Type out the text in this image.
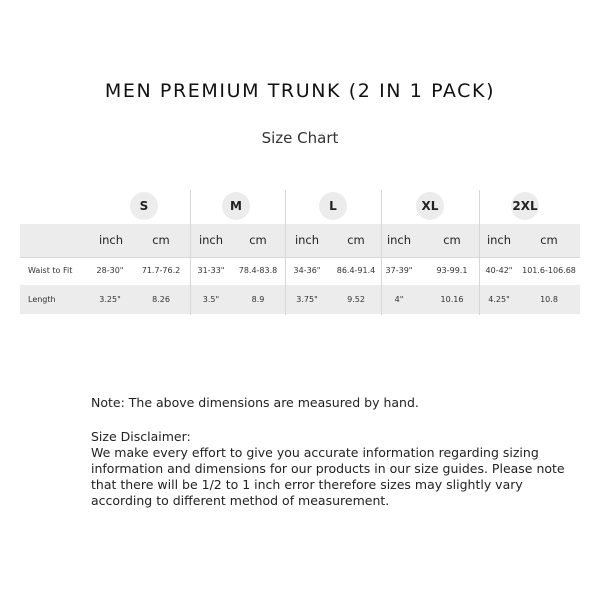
MEN PREMIUM TRUNK (2 IN 1 PACK)
Size Chart
S	M	L	XL	2XL
inch	cm	inch	cm	inch	cm	inch	cm	inch	cm
Waist to Fit	28-30"	71.7-76.2	31-33"	78.4-83.8	34-36"	86.4-91.4	37-39"	93-99.1	40-42"	101.6-106.68
Length	3.25"	8.26	3.5"	8.9	3.75"	9.52	4"	10.16	4.25"	10.8

Note: The above dimensions are measured by hand.

Size Disclaimer:

We make every effort to give you accurate information regarding sizing information and dimensions for our products in our size guides. Please note that there will be 1/2 to 1 inch error therefore sizes may slightly vary according to different method of measurement.
